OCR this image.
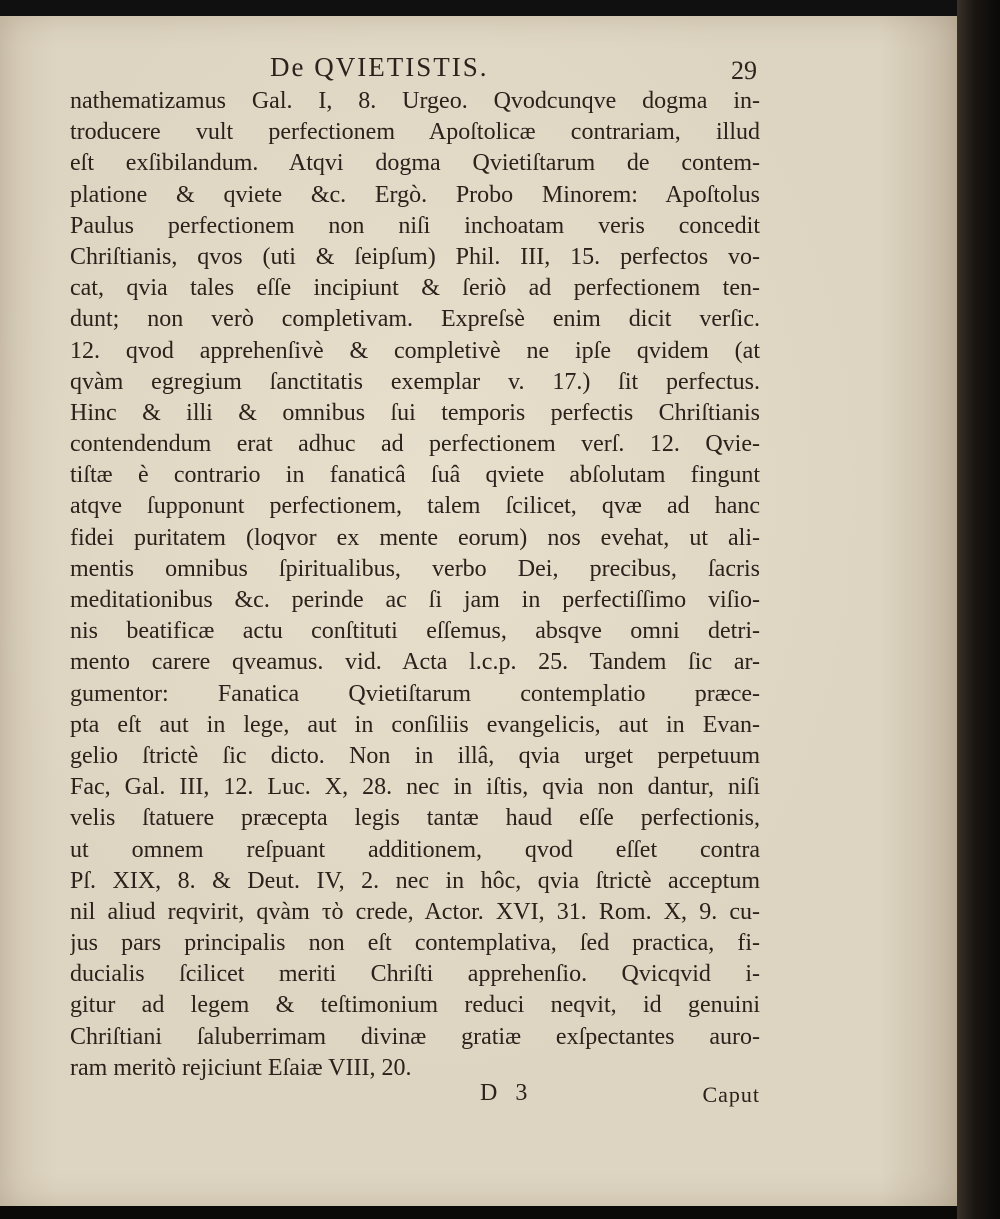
De QVIETISTIS.	29
nathematizamus Gal. I, 8. Urgeo. Qvodcunqve dogma in-
troducere vult perfectionem Apoſtolicæ contrariam, illud
eſt exſibilandum. Atqvi dogma Qvietiſtarum de contem-
platione & qviete &c. Ergò. Probo Minorem: Apoſtolus
Paulus perfectionem non niſi inchoatam veris concedit
Chriſtianis, qvos (uti & ſeipſum) Phil. III, 15. perfectos vo-
cat, qvia tales eſſe incipiunt & ſeriò ad perfectionem ten-
dunt; non verò completivam. Expreſsè enim dicit verſic.
12. qvod apprehenſivè & completivè ne ipſe qvidem (at
qvàm egregium ſanctitatis exemplar v. 17.) ſit perfectus.
Hinc & illi & omnibus ſui temporis perfectis Chriſtianis
contendendum erat adhuc ad perfectionem verſ. 12. Qvie-
tiſtæ è contrario in fanaticâ ſuâ qviete abſolutam fingunt
atqve ſupponunt perfectionem, talem ſcilicet, qvæ ad hanc
fidei puritatem (loqvor ex mente eorum) nos evehat, ut ali-
mentis omnibus ſpiritualibus, verbo Dei, precibus, ſacris
meditationibus &c. perinde ac ſi jam in perfectiſſimo viſio-
nis beatificæ actu conſtituti eſſemus, absqve omni detri-
mento carere qveamus. vid. Acta l.c.p. 25. Tandem ſic ar-
gumentor: Fanatica Qvietiſtarum contemplatio præce-
pta eſt aut in lege, aut in conſiliis evangelicis, aut in Evan-
gelio ſtrictè ſic dicto. Non in illâ, qvia urget perpetuum
Fac, Gal. III, 12. Luc. X, 28. nec in iſtis, qvia non dantur, niſi
velis ſtatuere præcepta legis tantæ haud eſſe perfectionis,
ut omnem reſpuant additionem, qvod eſſet contra
Pſ. XIX, 8. & Deut. IV, 2. nec in hôc, qvia ſtrictè acceptum
nil aliud reqvirit, qvàm τὸ crede, Actor. XVI, 31. Rom. X, 9. cu-
jus pars principalis non eſt contemplativa, ſed practica, fi-
ducialis ſcilicet meriti Chriſti apprehenſio. Qvicqvid i-
gitur ad legem & teſtimonium reduci neqvit, id genuini
Chriſtiani ſaluberrimam divinæ gratiæ exſpectantes auro-
ram meritò rejiciunt Eſaiæ VIII, 20.
D 3	Caput
